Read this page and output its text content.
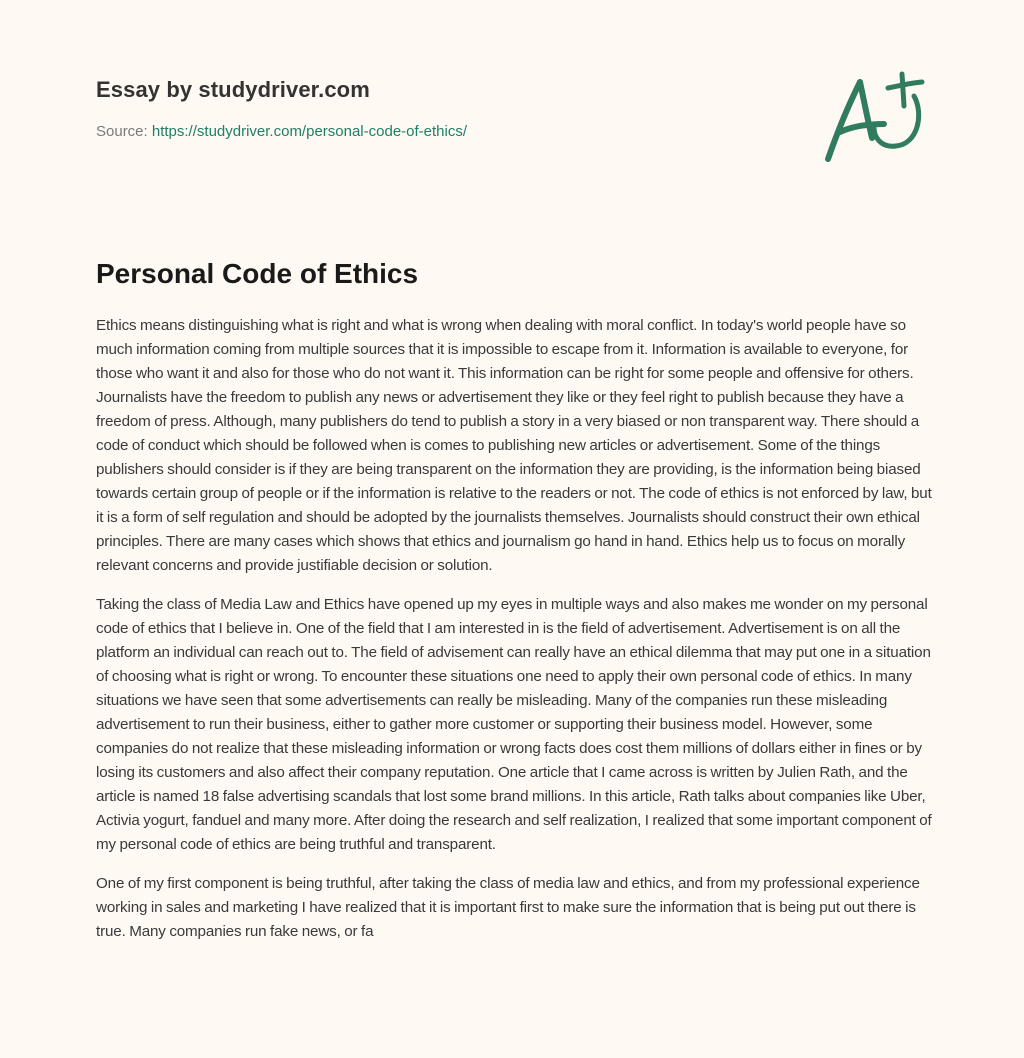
Essay by studydriver.com
Source: https://studydriver.com/personal-code-of-ethics/
Personal Code of Ethics

Ethics means distinguishing what is right and what is wrong when dealing with moral conflict. In today's world people have so much information coming from multiple sources that it is impossible to escape from it. Information is available to everyone, for those who want it and also for those who do not want it. This information can be right for some people and offensive for others. Journalists have the freedom to publish any news or advertisement they like or they feel right to publish because they have a freedom of press. Although, many publishers do tend to publish a story in a very biased or non transparent way. There should a code of conduct which should be followed when is comes to publishing new articles or advertisement. Some of the things publishers should consider is if they are being transparent on the information they are providing, is the information being biased towards certain group of people or if the information is relative to the readers or not. The code of ethics is not enforced by law, but it is a form of self regulation and should be adopted by the journalists themselves. Journalists should construct their own ethical principles. There are many cases which shows that ethics and journalism go hand in hand. Ethics help us to focus on morally relevant concerns and provide justifiable decision or solution.

Taking the class of Media Law and Ethics have opened up my eyes in multiple ways and also makes me wonder on my personal code of ethics that I believe in. One of the field that I am interested in is the field of advertisement. Advertisement is on all the platform an individual can reach out to. The field of advisement can really have an ethical dilemma that may put one in a situation of choosing what is right or wrong. To encounter these situations one need to apply their own personal code of ethics. In many situations we have seen that some advertisements can really be misleading. Many of the companies run these misleading advertisement to run their business, either to gather more customer or supporting their business model. However, some companies do not realize that these misleading information or wrong facts does cost them millions of dollars either in fines or by losing its customers and also affect their company reputation. One article that I came across is written by Julien Rath, and the article is named 18 false advertising scandals that lost some brand millions. In this article, Rath talks about companies like Uber, Activia yogurt, fanduel and many more. After doing the research and self realization, I realized that some important component of my personal code of ethics are being truthful and transparent.

One of my first component is being truthful, after taking the class of media law and ethics, and from my professional experience working in sales and marketing I have realized that it is important first to make sure the information that is being put out there is true. Many companies run fake news, or fa
